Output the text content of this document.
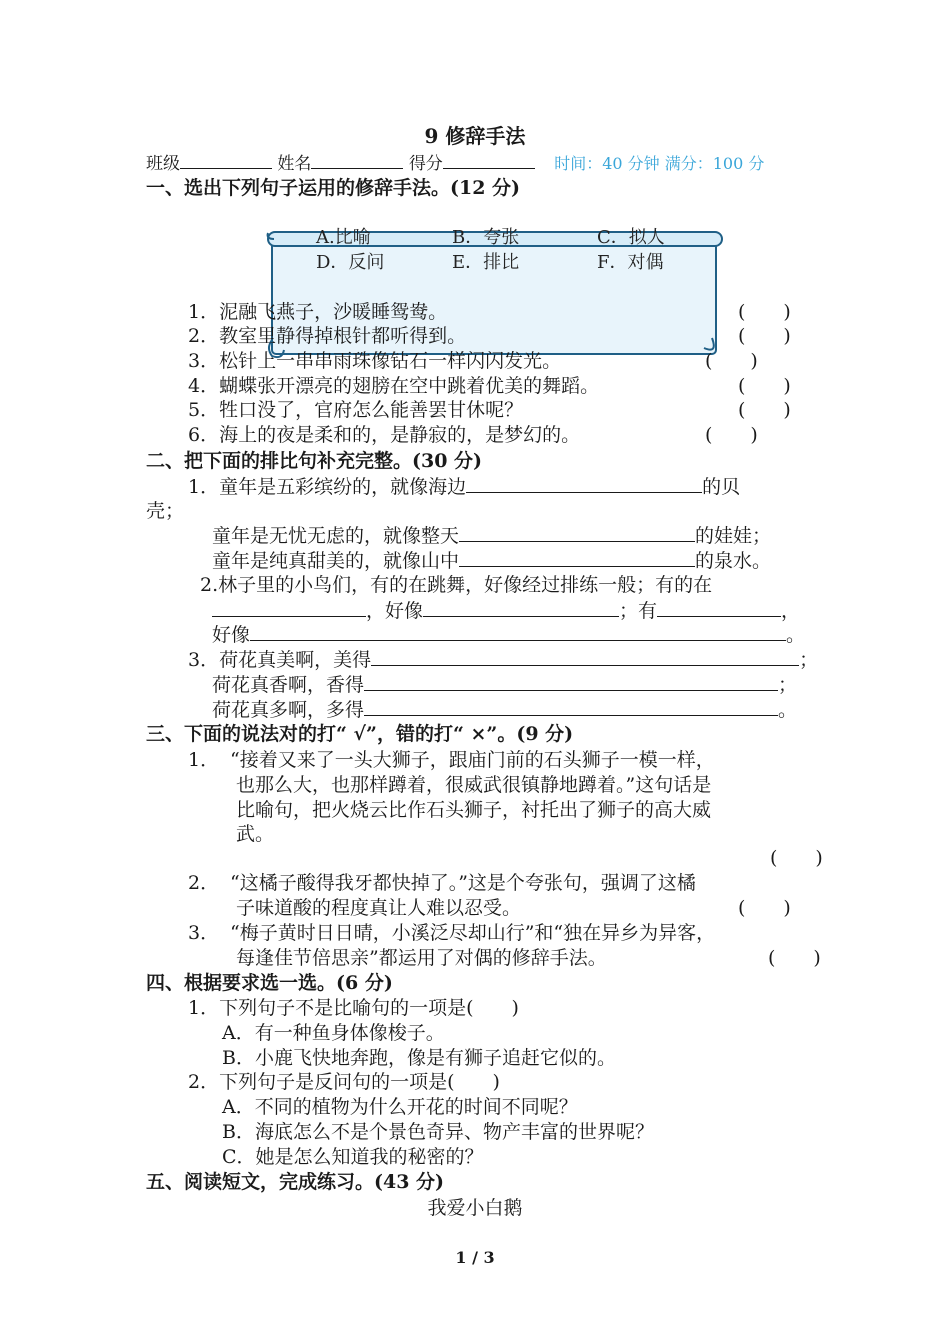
9 修辞手法
班级	姓名	得分	时间：40 分钟 满分：100 分
一、选出下列句子运用的修辞手法。(12 分)
A.比喻	B．夸张	C．拟人
D．反问	E．排比	F．对偶
1．泥融飞燕子，沙暖睡鸳鸯。	(　　)
2．教室里静得掉根针都听得到。	(　　)
3．松针上一串串雨珠像钻石一样闪闪发光。	(　　)
4．蝴蝶张开漂亮的翅膀在空中跳着优美的舞蹈。	(　　)
5．牲口没了，官府怎么能善罢甘休呢？	(　　)
6．海上的夜是柔和的，是静寂的，是梦幻的。	(　　)
二、把下面的排比句补充完整。(30 分)
1．童年是五彩缤纷的，就像海边	的贝
壳；
童年是无忧无虑的，就像整天	的娃娃；
童年是纯真甜美的，就像山中	的泉水。
2.林子里的小鸟们，有的在跳舞，好像经过排练一般；有的在
，好像	；有	，
好像	。
3．荷花真美啊，美得	；
荷花真香啊，香得	；
荷花真多啊，多得	。
三、下面的说法对的打“ √”，错的打“ ×”。(9 分)
1． “接着又来了一头大狮子，跟庙门前的石头狮子一模一样，
也那么大，也那样蹲着，很威武很镇静地蹲着。”这句话是
比喻句，把火烧云比作石头狮子，衬托出了狮子的高大威
武。
(　　)
2． “这橘子酸得我牙都快掉了。”这是个夸张句，强调了这橘
子味道酸的程度真让人难以忍受。	(　　)
3． “梅子黄时日日晴，小溪泛尽却山行”和“独在异乡为异客，
每逢佳节倍思亲”都运用了对偶的修辞手法。	(　　)
四、根据要求选一选。(6 分)
1．下列句子不是比喻句的一项是(　　)
A．有一种鱼身体像梭子。
B．小鹿飞快地奔跑，像是有狮子追赶它似的。
2．下列句子是反问句的一项是(　　)
A．不同的植物为什么开花的时间不同呢？
B．海底怎么不是个景色奇异、物产丰富的世界呢？
C．她是怎么知道我的秘密的？
五、阅读短文，完成练习。(43 分)
我爱小白鹅
1 / 3
